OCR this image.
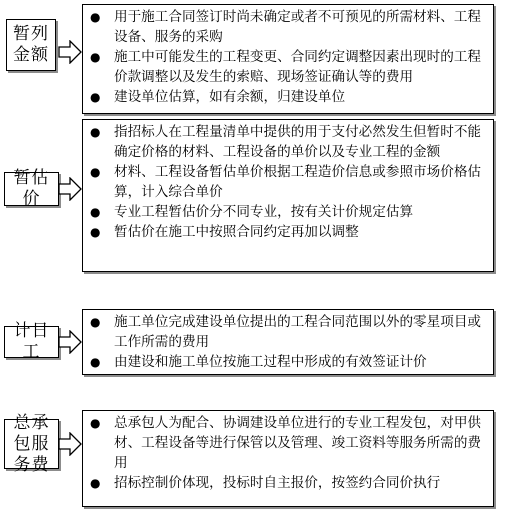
暂列金额
● 用于施工合同签订时尚未确定或者不可预见的所需材料、工程设备、服务的采购
● 施工中可能发生的工程变更、合同约定调整因素出现时的工程价款调整以及发生的索赔、现场签证确认等的费用
● 建设单位估算，如有余额，归建设单位
暂估价
● 指招标人在工程量清单中提供的用于支付必然发生但暂时不能确定价格的材料、工程设备的单价以及专业工程的金额
● 材料、工程设备暂估单价根据工程造价信息或参照市场价格估算，计入综合单价
● 专业工程暂估价分不同专业，按有关计价规定估算
● 暂估价在施工中按照合同约定再加以调整
计日工
● 施工单位完成建设单位提出的工程合同范围以外的零星项目或工作所需的费用
● 由建设和施工单位按施工过程中形成的有效签证计价
总承包服务费
● 总承包人为配合、协调建设单位进行的专业工程发包，对甲供材、工程设备等进行保管以及管理、竣工资料等服务所需的费用
● 招标控制价体现，投标时自主报价，按签约合同价执行
